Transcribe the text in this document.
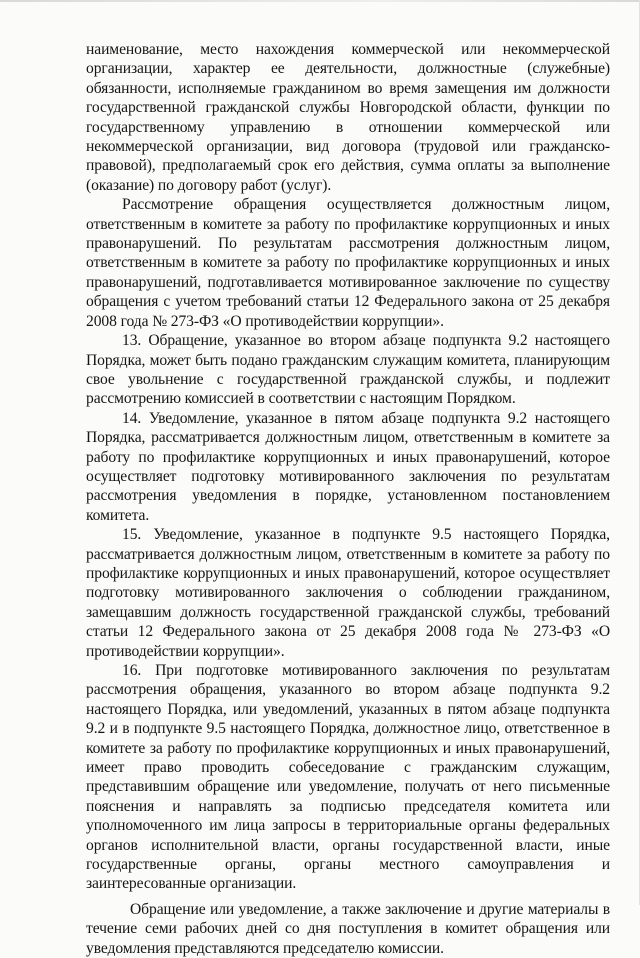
наименование, место нахождения коммерческой или некоммерческой организации, характер ее деятельности, должностные (служебные) обязанности, исполняемые гражданином во время замещения им должности государственной гражданской службы Новгородской области, функции по государственному управлению в отношении коммерческой или некоммерческой организации, вид договора (трудовой или гражданско-правовой), предполагаемый срок его действия, сумма оплаты за выполнение (оказание) по договору работ (услуг).

Рассмотрение обращения осуществляется должностным лицом, ответственным в комитете за работу по профилактике коррупционных и иных правонарушений. По результатам рассмотрения должностным лицом, ответственным в комитете за работу по профилактике коррупционных и иных правонарушений, подготавливается мотивированное заключение по существу обращения с учетом требований статьи 12 Федерального закона от 25 декабря 2008 года № 273-ФЗ «О противодействии коррупции».

13. Обращение, указанное во втором абзаце подпункта 9.2 настоящего Порядка, может быть подано гражданским служащим комитета, планирующим свое увольнение с государственной гражданской службы, и подлежит рассмотрению комиссией в соответствии с настоящим Порядком.

14. Уведомление, указанное в пятом абзаце подпункта 9.2 настоящего Порядка, рассматривается должностным лицом, ответственным в комитете за работу по профилактике коррупционных и иных правонарушений, которое осуществляет подготовку мотивированного заключения по результатам рассмотрения уведомления в порядке, установленном постановлением комитета.

15. Уведомление, указанное в подпункте 9.5 настоящего Порядка, рассматривается должностным лицом, ответственным в комитете за работу по профилактике коррупционных и иных правонарушений, которое осуществляет подготовку мотивированного заключения о соблюдении гражданином, замещавшим должность государственной гражданской службы, требований статьи 12 Федерального закона от 25 декабря 2008 года № 273-ФЗ «О противодействии коррупции».

16. При подготовке мотивированного заключения по результатам рассмотрения обращения, указанного во втором абзаце подпункта 9.2 настоящего Порядка, или уведомлений, указанных в пятом абзаце подпункта 9.2 и в подпункте 9.5 настоящего Порядка, должностное лицо, ответственное в комитете за работу по профилактике коррупционных и иных правонарушений, имеет право проводить собеседование с гражданским служащим, представившим обращение или уведомление, получать от него письменные пояснения и направлять за подписью председателя комитета или уполномоченного им лица запросы в территориальные органы федеральных органов исполнительной власти, органы государственной власти, иные государственные органы, органы местного самоуправления и заинтересованные организации.

Обращение или уведомление, а также заключение и другие материалы в течение семи рабочих дней со дня поступления в комитет обращения или уведомления представляются председателю комиссии.
